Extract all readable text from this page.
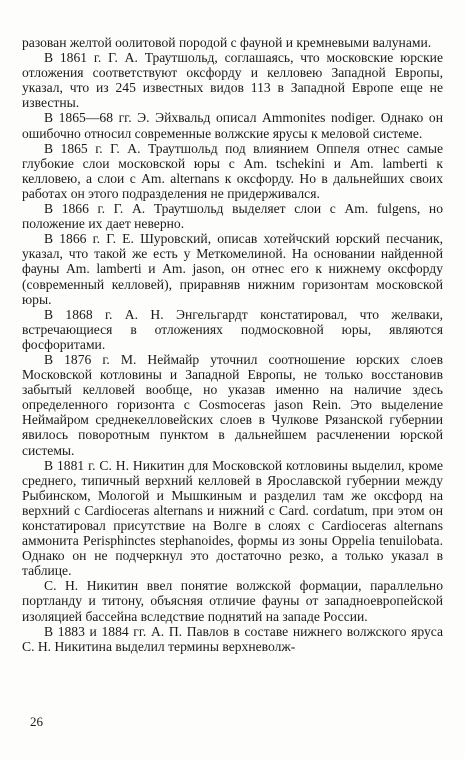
разован желтой оолитовой породой с фауной и кремневыми валунами.

В 1861 г. Г. А. Траутшольд, соглашаясь, что московские юрские отложения соответствуют оксфорду и келловею Западной Европы, указал, что из 245 известных видов 113 в Западной Европе еще не известны.

В 1865—68 гг. Э. Эйхвальд описал Ammonites nodiger. Однако он ошибочно относил современные волжские ярусы к меловой системе.

В 1865 г. Г. А. Траутшольд под влиянием Оппеля отнес самые глубокие слои московской юры с Am. tschekini и Am. lamberti к келловею, а слои с Am. alternans к оксфорду. Но в дальнейших своих работах он этого подразделения не придерживался.

В 1866 г. Г. А. Траутшольд выделяет слои с Am. fulgens, но положение их дает неверно.

В 1866 г. Г. Е. Шуровский, описав хотейчский юрский песчаник, указал, что такой же есть у Меткомелиной. На основании найденной фауны Am. lamberti и Am. jason, он отнес его к нижнему оксфорду (современный келловей), приравняв нижним горизонтам московской юры.

В 1868 г. А. Н. Энгельгардт констатировал, что желваки, встречающиеся в отложениях подмосковной юры, являются фосфоритами.

В 1876 г. М. Неймайр уточнил соотношение юрских слоев Московской котловины и Западной Европы, не только восстановив забытый келловей вообще, но указав именно на наличие здесь определенного горизонта с Cosmoceras jason Rein. Это выделение Неймайром среднекелловейских слоев в Чулкове Рязанской губернии явилось поворотным пунктом в дальнейшем расчленении юрской системы.

В 1881 г. С. Н. Никитин для Московской котловины выделил, кроме среднего, типичный верхний келловей в Ярославской губернии между Рыбинском, Мологой и Мышкиным и разделил там же оксфорд на верхний с Cardioceras alternans и нижний с Card. cordatum, при этом он констатировал присутствие на Волге в слоях с Cardioceras alternans аммонита Perisphinctes stephanoides, формы из зоны Oppelia tenuilobata. Однако он не подчеркнул это достаточно резко, а только указал в таблице.

С. Н. Никитин ввел понятие волжской формации, параллельно портланду и титону, объясняя отличие фауны от западноевропейской изоляцией бассейна вследствие поднятий на западе России.

В 1883 и 1884 гг. А. П. Павлов в составе нижнего волжского яруса С. Н. Никитина выделил термины верхневолж-

26
